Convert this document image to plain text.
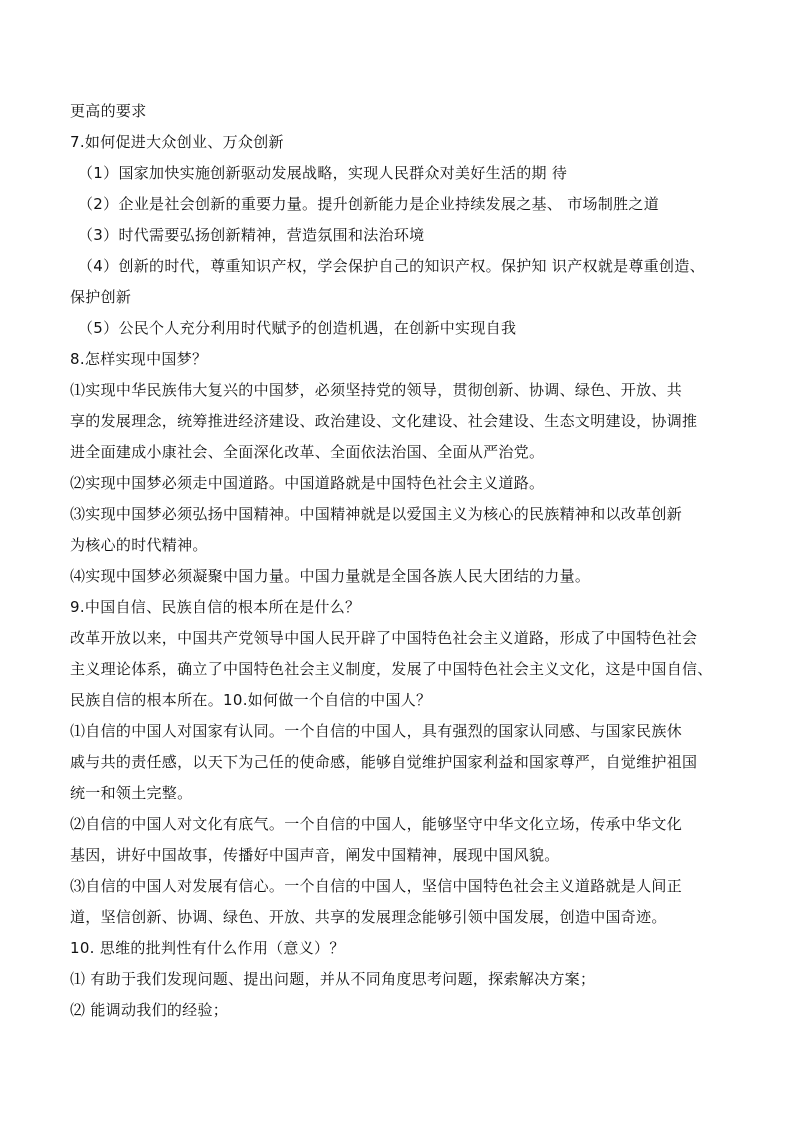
更高的要求
7.如何促进大众创业、万众创新
（1）国家加快实施创新驱动发展战略，实现人民群众对美好生活的期 待
（2）企业是社会创新的重要力量。提升创新能力是企业持续发展之基、 市场制胜之道
（3）时代需要弘扬创新精神，营造氛围和法治环境
（4）创新的时代，尊重知识产权，学会保护自己的知识产权。保护知 识产权就是尊重创造、
保护创新
（5）公民个人充分利用时代赋予的创造机遇，在创新中实现自我
8.怎样实现中国梦？
⑴实现中华民族伟大复兴的中国梦，必须坚持党的领导，贯彻创新、协调、绿色、开放、共
享的发展理念，统筹推进经济建设、政治建设、文化建设、社会建设、生态文明建设，协调推
进全面建成小康社会、全面深化改革、全面依法治国、全面从严治党。
⑵实现中国梦必须走中国道路。中国道路就是中国特色社会主义道路。
⑶实现中国梦必须弘扬中国精神。中国精神就是以爱国主义为核心的民族精神和以改革创新
为核心的时代精神。
⑷实现中国梦必须凝聚中国力量。中国力量就是全国各族人民大团结的力量。
9.中国自信、民族自信的根本所在是什么？
改革开放以来，中国共产党领导中国人民开辟了中国特色社会主义道路，形成了中国特色社会
主义理论体系，确立了中国特色社会主义制度，发展了中国特色社会主义文化，这是中国自信、
民族自信的根本所在。10.如何做一个自信的中国人？
⑴自信的中国人对国家有认同。一个自信的中国人，具有强烈的国家认同感、与国家民族休
戚与共的责任感，以天下为己任的使命感，能够自觉维护国家利益和国家尊严，自觉维护祖国
统一和领土完整。
⑵自信的中国人对文化有底气。一个自信的中国人，能够坚守中华文化立场，传承中华文化
基因，讲好中国故事，传播好中国声音，阐发中国精神，展现中国风貌。
⑶自信的中国人对发展有信心。一个自信的中国人，坚信中国特色社会主义道路就是人间正
道，坚信创新、协调、绿色、开放、共享的发展理念能够引领中国发展，创造中国奇迹。
10. 思维的批判性有什么作用（意义）？
⑴ 有助于我们发现问题、提出问题，并从不同角度思考问题，探索解决方案；
⑵ 能调动我们的经验；
